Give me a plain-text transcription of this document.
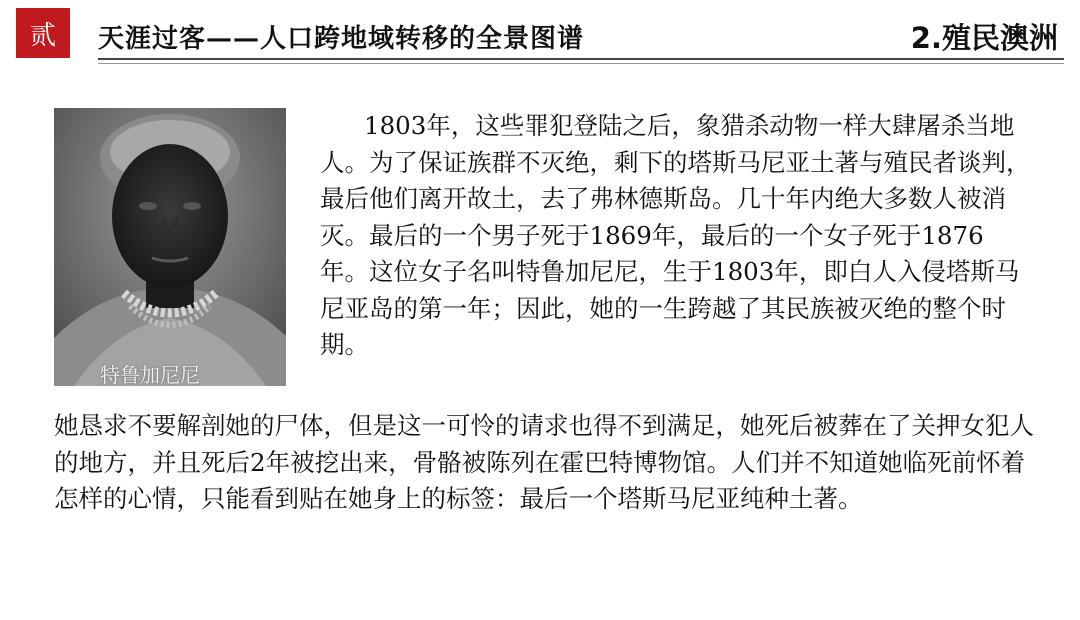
贰	天涯过客——人口跨地域转移的全景图谱	2.殖民澳洲
特鲁加尼尼

1803年，这些罪犯登陆之后，象猎杀动物一样大肆屠杀当地人。为了保证族群不灭绝，剩下的塔斯马尼亚土著与殖民者谈判，最后他们离开故土，去了弗林德斯岛。几十年内绝大多数人被消灭。最后的一个男子死于1869年，最后的一个女子死于1876年。这位女子名叫特鲁加尼尼，生于1803年，即白人入侵塔斯马尼亚岛的第一年；因此，她的一生跨越了其民族被灭绝的整个时期。

她恳求不要解剖她的尸体，但是这一可怜的请求也得不到满足，她死后被葬在了关押女犯人的地方，并且死后2年被挖出来，骨骼被陈列在霍巴特博物馆。人们并不知道她临死前怀着怎样的心情，只能看到贴在她身上的标签：最后一个塔斯马尼亚纯种土著。
